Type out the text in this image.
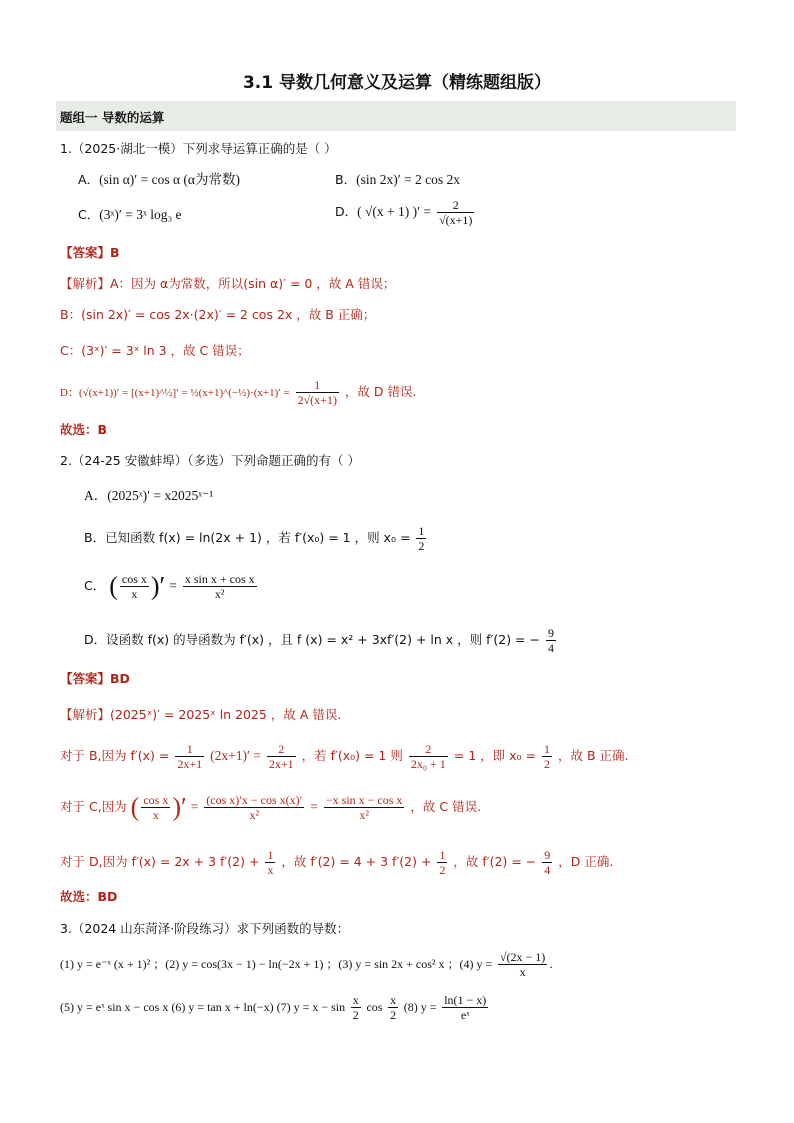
3.1 导数几何意义及运算（精练题组版）
题组一 导数的运算
1.（2025·湖北一模）下列求导运算正确的是（ ）
A．(sin α)′ = cos α (α为常数)	B．(sin 2x)′ = 2 cos 2x
C．(3ˣ)′ = 3ˣ log₃ e	D．( √(x + 1) )′ = $\frac{2}{√(x+1)}$
【答案】B
【解析】A：因为 α为常数，所以(sin α)′ = 0 ，故 A 错误；
B：(sin 2x)′ = cos 2x·(2x)′ = 2 cos 2x ，故 B 正确；
C：(3ˣ)′ = 3ˣ ln 3 ，故 C 错误；
D：(√(x+1))′ = [(x+1)^½]′ = ½(x+1)^(−½)·(x+1)′ = $\frac{1}{2√(x+1)}$ ，故 D 错误.
故选：B
2.（24-25 安徽蚌埠）（多选）下列命题正确的有（ ）
A．(2025ˣ)′ = x2025ˣ⁻¹
B．已知函数 f(x) = ln(2x + 1) ，若 f′(x₀) = 1 ，则 $x_0 = \frac{1}{2}$
C． ( $\frac{\text{cos x}}{x}$ )′ = $\frac{\text{x sin x + cos x}}{\text{x²}}$
D．设函数 f(x) 的导函数为 f′(x) ，且 f (x) = x² + 3xf′(2) + ln x ，则 f′(2) = − $\frac{9}{4}$
【答案】BD
【解析】(2025ˣ)′ = 2025ˣ ln 2025 ，故 A 错误.
对于 B,因为 $f'(x) = \frac{1}{2x+1} (2x+1)' = \frac{2}{2x+1}$ ，若 f′(x₀) = 1 则 $\frac{2}{\text{2x₀ + 1}} = 1$ ，即 $x_0 = \frac{1}{2}$ ，故 B 正确.
对于 C,因为 ( $\frac{\text{cos x}}{x}$ )′ = $\frac{\text{(cos x)′x − cos x(x)′}}{\text{x²}} = \frac{\text{−x sin x − cos x}}{\text{x²}}$ ，故 C 错误.
对于 D,因为 f′(x) = 2x + 3 $f'(2) + \frac{1}{x}$ ，故 f′(2) = 4 + 3 $f'(2) + \frac{1}{2}$ ，故 f′(2) = − $\frac{9}{4}$ ，D 正确.
故选：BD
3.（2024 山东菏泽·阶段练习）求下列函数的导数：
(1) y = e⁻ˣ (x + 1)² ；(2) y = cos(3x − 1) − ln(−2x + 1) ；(3) y = sin 2x + cos² x ；(4) $y = \frac{√(2x - 1)}{x}$ .
(5) y = eˣ sin x − cos x (6) y = tan x + ln(−x) (7) $y = x - \sin \frac{x}{2}$ $\cos \frac{x}{2} (8) y = \frac{\ln(1 - x)}{\text{eˣ}}$
